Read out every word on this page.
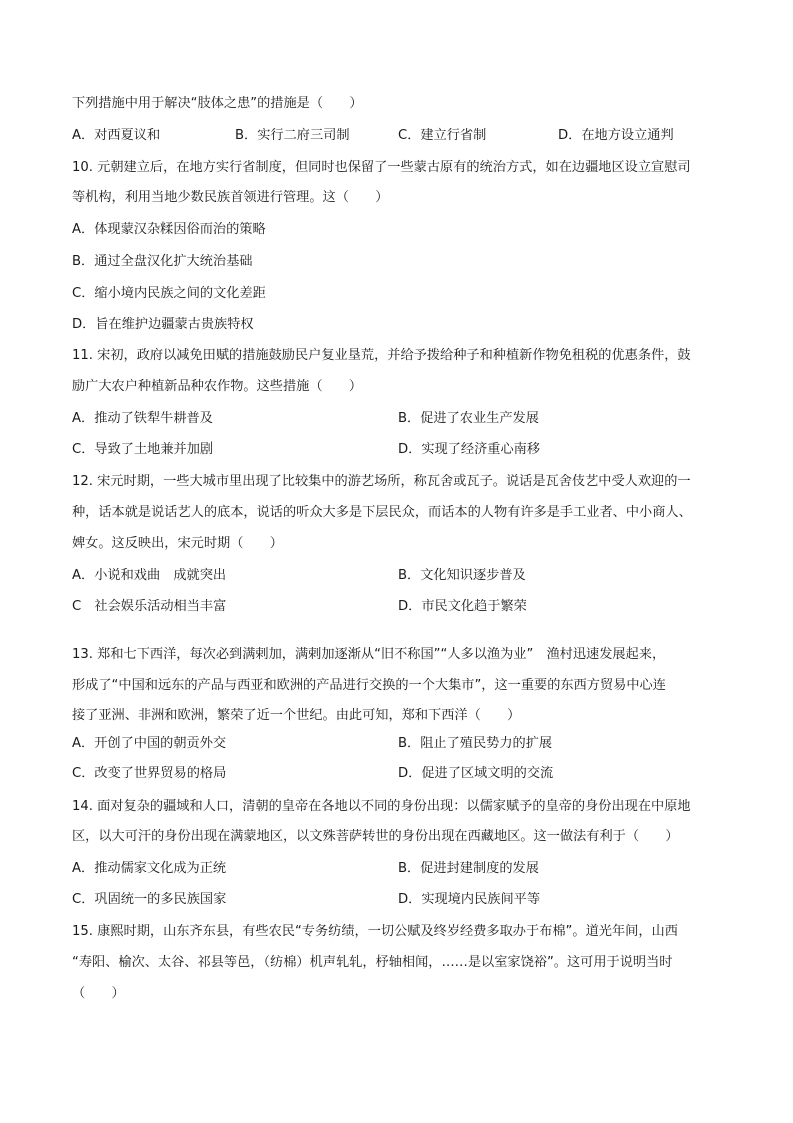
下列措施中用于解决“肢体之患”的措施是（　　）
A．对西夏议和	B．实行二府三司制	C．建立行省制	D．在地方设立通判
10. 元朝建立后，在地方实行省制度，但同时也保留了一些蒙古原有的统治方式，如在边疆地区设立宣慰司
等机构，利用当地少数民族首领进行管理。这（　　）
A．体现蒙汉杂糅因俗而治的策略
B．通过全盘汉化扩大统治基础
C．缩小境内民族之间的文化差距
D．旨在维护边疆蒙古贵族特权
11. 宋初，政府以减免田赋的措施鼓励民户复业垦荒，并给予拨给种子和种植新作物免租税的优惠条件，鼓
励广大农户种植新品种农作物。这些措施（　　）
A．推动了铁犁牛耕普及	B．促进了农业生产发展
C．导致了土地兼并加剧	D．实现了经济重心南移
12. 宋元时期，一些大城市里出现了比较集中的游艺场所，称瓦舍或瓦子。说话是瓦舍伎艺中受人欢迎的一
种，话本就是说话艺人的底本，说话的听众大多是下层民众，而话本的人物有许多是手工业者、中小商人、
婢女。这反映出，宋元时期（　　）
A．小说和戏曲　成就突出	B．文化知识逐步普及
C　社会娱乐活动相当丰富	D．市民文化趋于繁荣
13. 郑和七下西洋，每次必到满剌加，满剌加逐渐从“旧不称国”“人多以渔为业”　渔村迅速发展起来，
形成了“中国和远东的产品与西亚和欧洲的产品进行交换的一个大集市”，这一重要的东西方贸易中心连
接了亚洲、非洲和欧洲，繁荣了近一个世纪。由此可知，郑和下西洋（　　）
A．开创了中国的朝贡外交	B．阻止了殖民势力的扩展
C．改变了世界贸易的格局	D．促进了区域文明的交流
14. 面对复杂的疆域和人口，清朝的皇帝在各地以不同的身份出现：以儒家赋予的皇帝的身份出现在中原地
区，以大可汗的身份出现在满蒙地区，以文殊菩萨转世的身份出现在西藏地区。这一做法有利于（　　）
A．推动儒家文化成为正统	B．促进封建制度的发展
C．巩固统一的多民族国家	D．实现境内民族间平等
15. 康熙时期，山东齐东县，有些农民“专务纺绩，一切公赋及终岁经费多取办于布棉”。道光年间，山西
“寿阳、榆次、太谷、祁县等邑，（纺棉）机声轧轧，杼轴相闻，……是以室家饶裕”。这可用于说明当时
（　　）
